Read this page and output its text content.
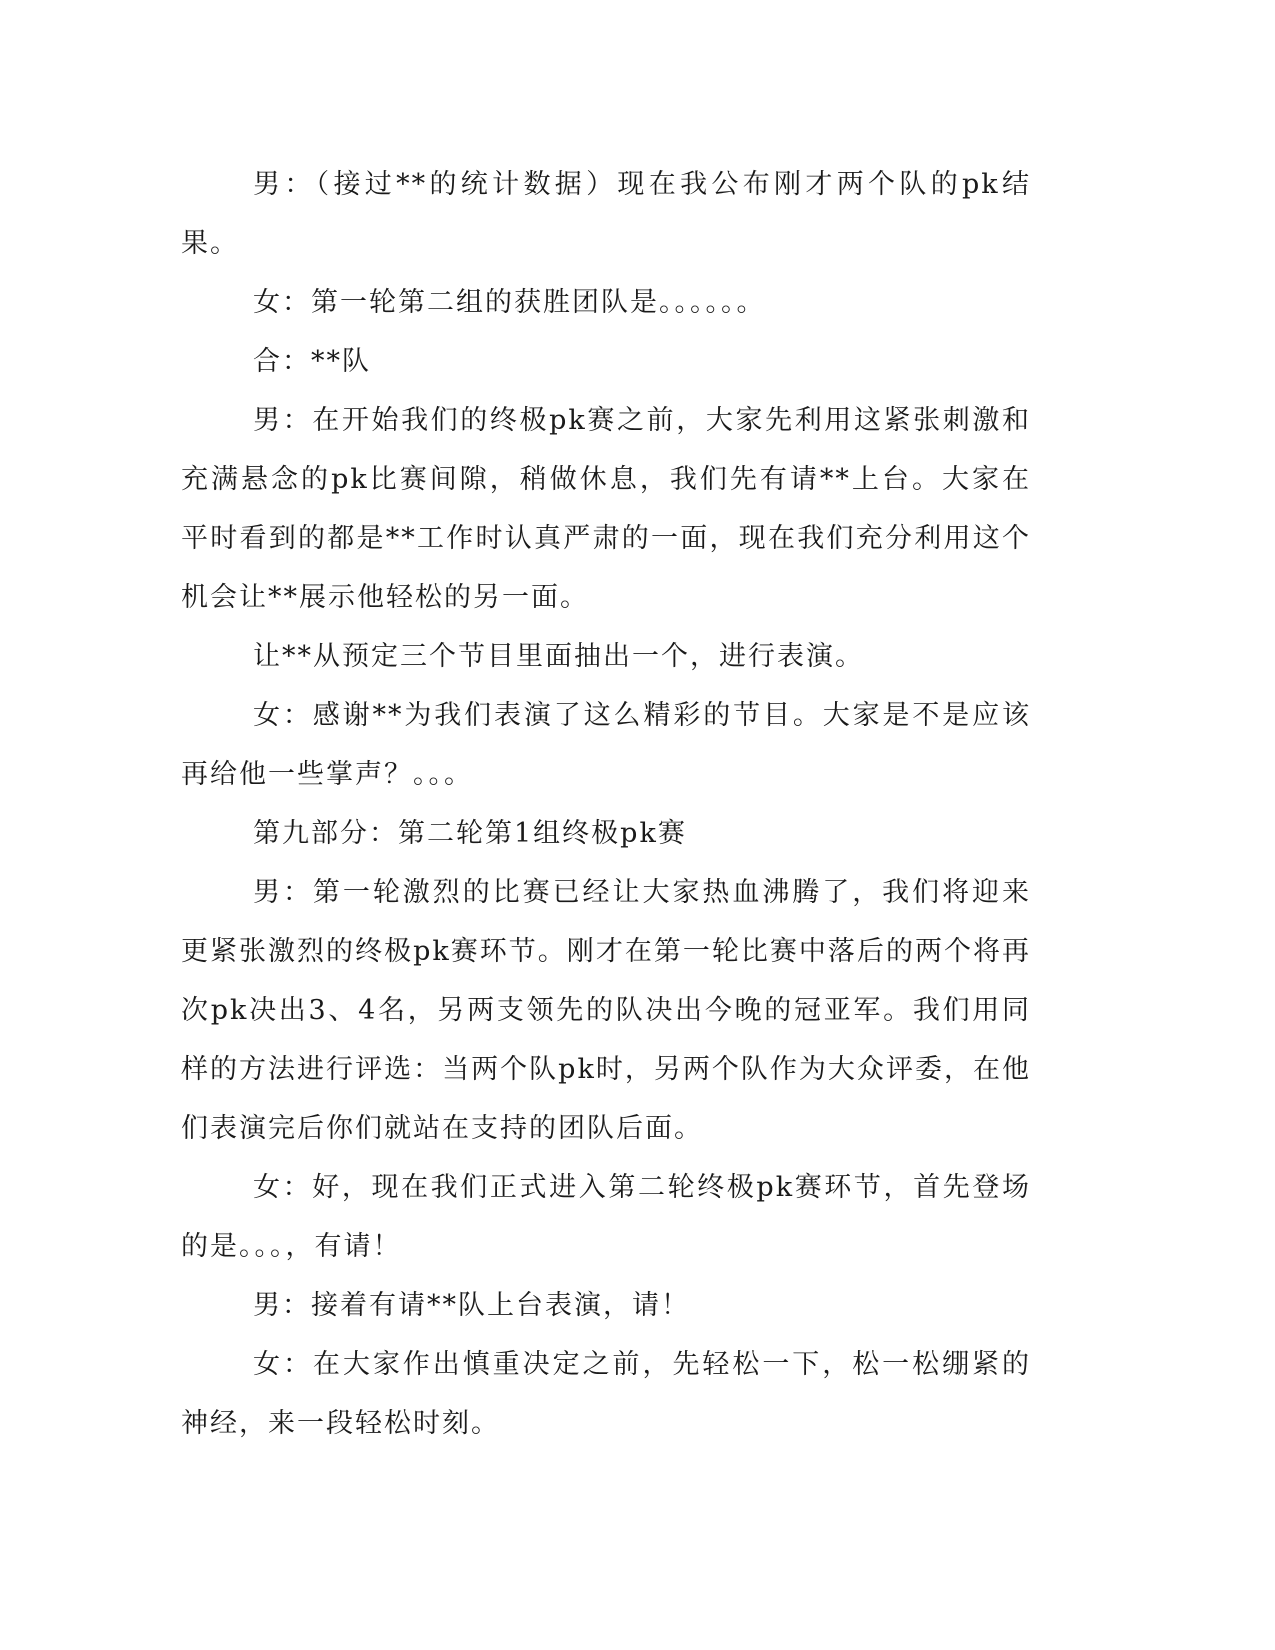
男：（接过**的统计数据）现在我公布刚才两个队的pk结果。

女：第一轮第二组的获胜团队是。。。。。。

合：**队

男：在开始我们的终极pk赛之前，大家先利用这紧张刺激和充满悬念的pk比赛间隙，稍做休息，我们先有请**上台。大家在平时看到的都是**工作时认真严肃的一面，现在我们充分利用这个机会让**展示他轻松的另一面。

让**从预定三个节目里面抽出一个，进行表演。

女：感谢**为我们表演了这么精彩的节目。大家是不是应该再给他一些掌声？。。。

第九部分：第二轮第1组终极pk赛

男：第一轮激烈的比赛已经让大家热血沸腾了，我们将迎来更紧张激烈的终极pk赛环节。刚才在第一轮比赛中落后的两个将再次pk决出3、4名，另两支领先的队决出今晚的冠亚军。我们用同样的方法进行评选：当两个队pk时，另两个队作为大众评委，在他们表演完后你们就站在支持的团队后面。

女：好，现在我们正式进入第二轮终极pk赛环节，首先登场的是。。。，有请！

男：接着有请**队上台表演，请！

女：在大家作出慎重决定之前，先轻松一下，松一松绷紧的神经，来一段轻松时刻。
